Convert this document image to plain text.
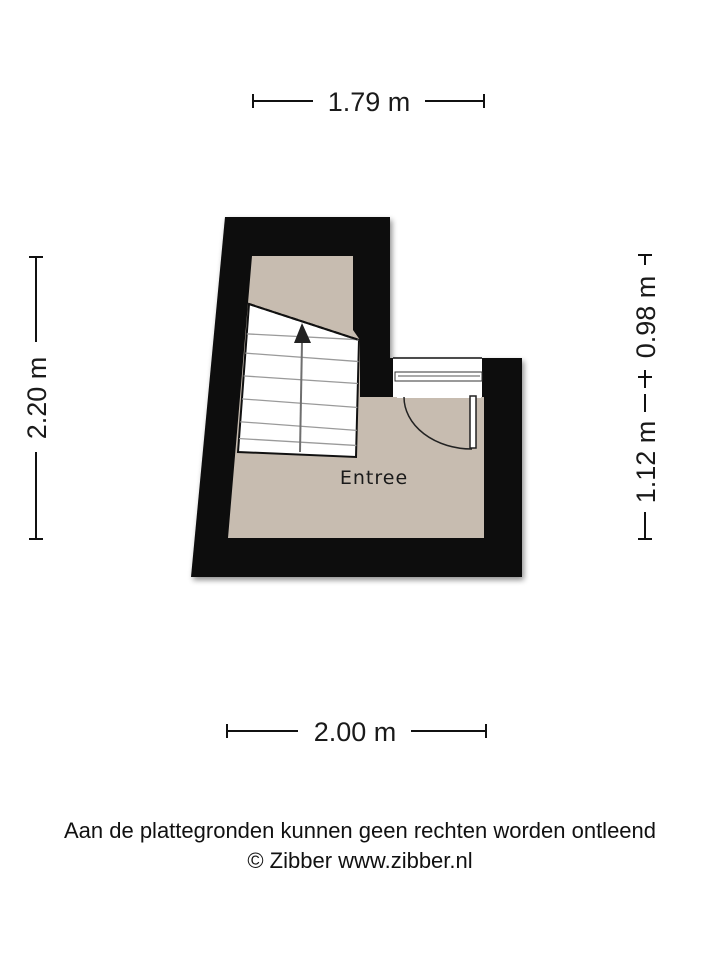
1.79 m
2.00 m
2.20 m
0.98 m
1.12 m
Entree
Aan de plattegronden kunnen geen rechten worden ontleend
© Zibber www.zibber.nl
